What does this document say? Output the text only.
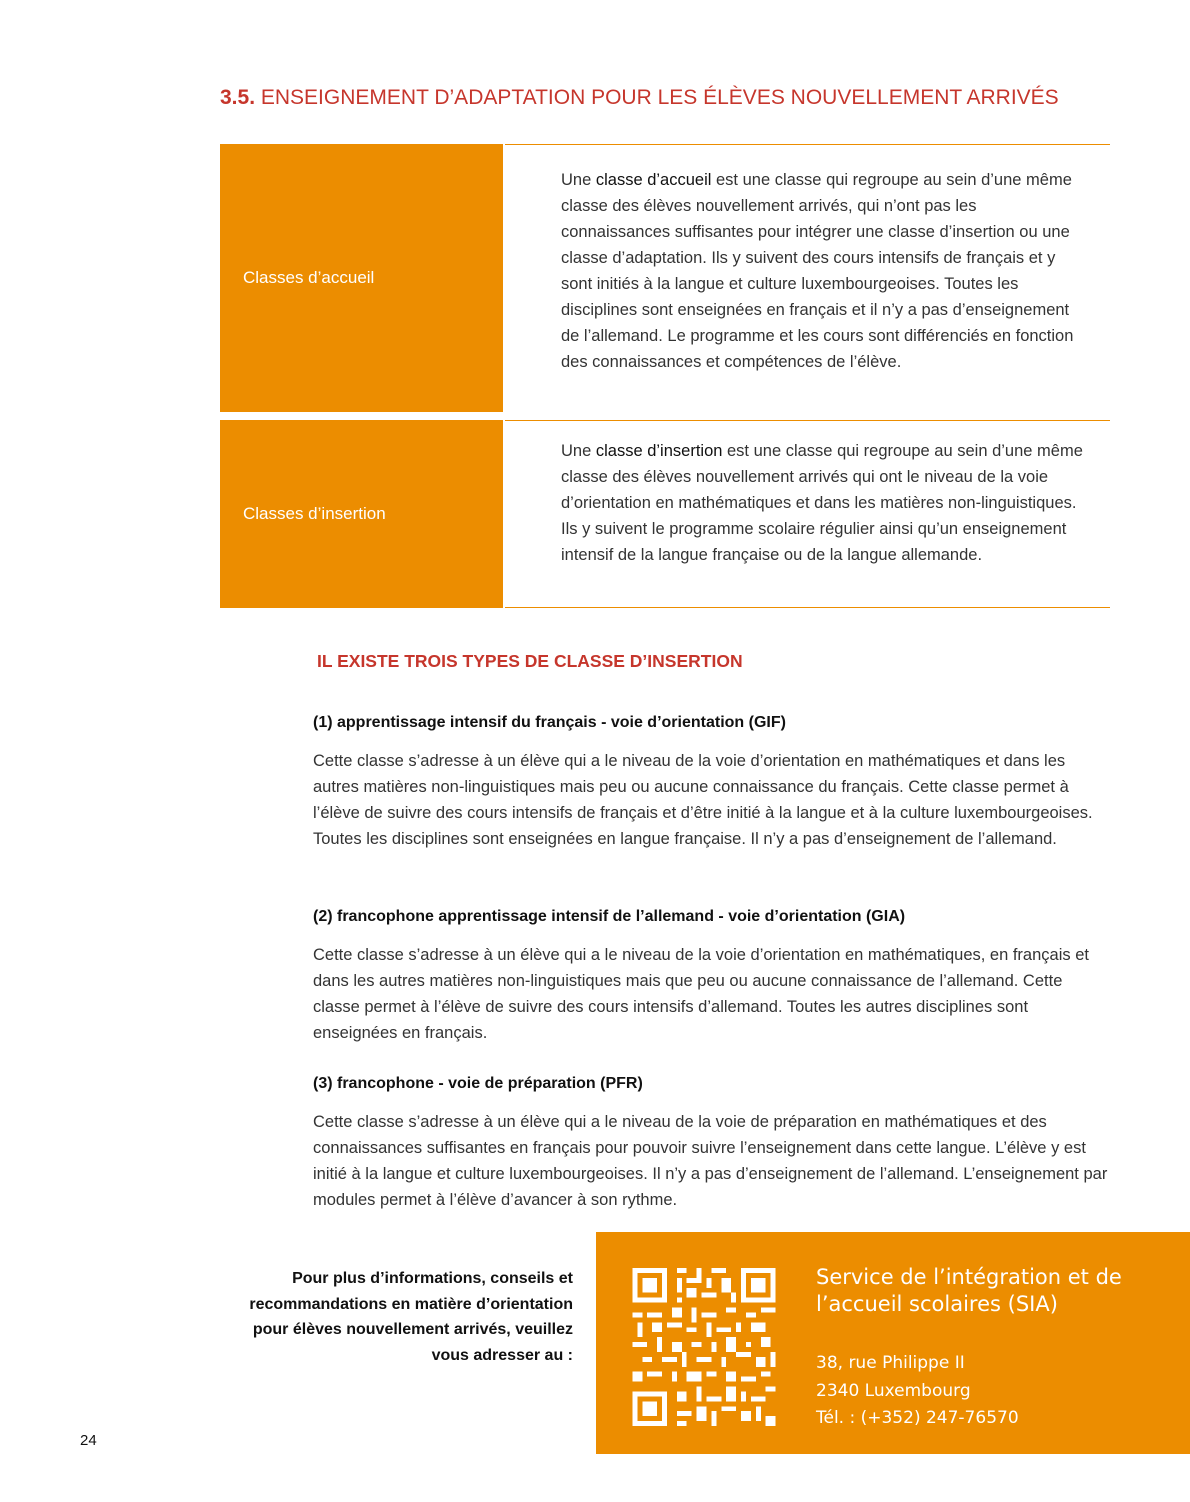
3.5. ENSEIGNEMENT D’ADAPTATION POUR LES ÉLÈVES NOUVELLEMENT ARRIVÉS
Classes d’accueil
Une classe d’accueil est une classe qui regroupe au sein d’une même classe des élèves nouvellement arrivés, qui n’ont pas les connaissances suffisantes pour intégrer une classe d’insertion ou une classe d’adaptation. Ils y suivent des cours intensifs de français et y sont initiés à la langue et culture luxembourgeoises. Toutes les disciplines sont enseignées en français et il n’y a pas d’enseignement de l’allemand. Le programme et les cours sont différenciés en fonction des connaissances et compétences de l’élève.
Classes d’insertion
Une classe d’insertion est une classe qui regroupe au sein d’une même classe des élèves nouvellement arrivés qui ont le niveau de la voie d’orientation en mathématiques et dans les matières non-linguistiques. Ils y suivent le programme scolaire régulier ainsi qu’un enseignement intensif de la langue française ou de la langue allemande.
IL EXISTE TROIS TYPES DE CLASSE D’INSERTION
(1) apprentissage intensif du français - voie d’orientation (GIF)

Cette classe s’adresse à un élève qui a le niveau de la voie d’orientation en mathématiques et dans les autres matières non-linguistiques mais peu ou aucune connaissance du français. Cette classe permet à l’élève de suivre des cours intensifs de français et d’être initié à la langue et à la culture luxembourgeoises. Toutes les disciplines sont enseignées en langue française. Il n’y a pas d’enseignement de l’allemand.

(2) francophone apprentissage intensif de l’allemand - voie d’orientation (GIA)

Cette classe s’adresse à un élève qui a le niveau de la voie d’orientation en mathématiques, en français et dans les autres matières non-linguistiques mais que peu ou aucune connaissance de l’allemand. Cette classe permet à l’élève de suivre des cours intensifs d’allemand. Toutes les autres disciplines sont enseignées en français.

(3) francophone - voie de préparation (PFR)

Cette classe s’adresse à un élève qui a le niveau de la voie de préparation en mathématiques et des connaissances suffisantes en français pour pouvoir suivre l’enseignement dans cette langue. L’élève y est initié à la langue et culture luxembourgeoises. Il n’y a pas d’enseignement de l’allemand. L’enseignement par modules permet à l’élève d’avancer à son rythme.

Pour plus d’informations, conseils et recommandations en matière d’orientation pour élèves nouvellement arrivés, veuillez vous adresser au :

Service de l’intégration et de l’accueil scolaires (SIA)
38, rue Philippe II
2340 Luxembourg
Tél. : (+352) 247-76570
24
